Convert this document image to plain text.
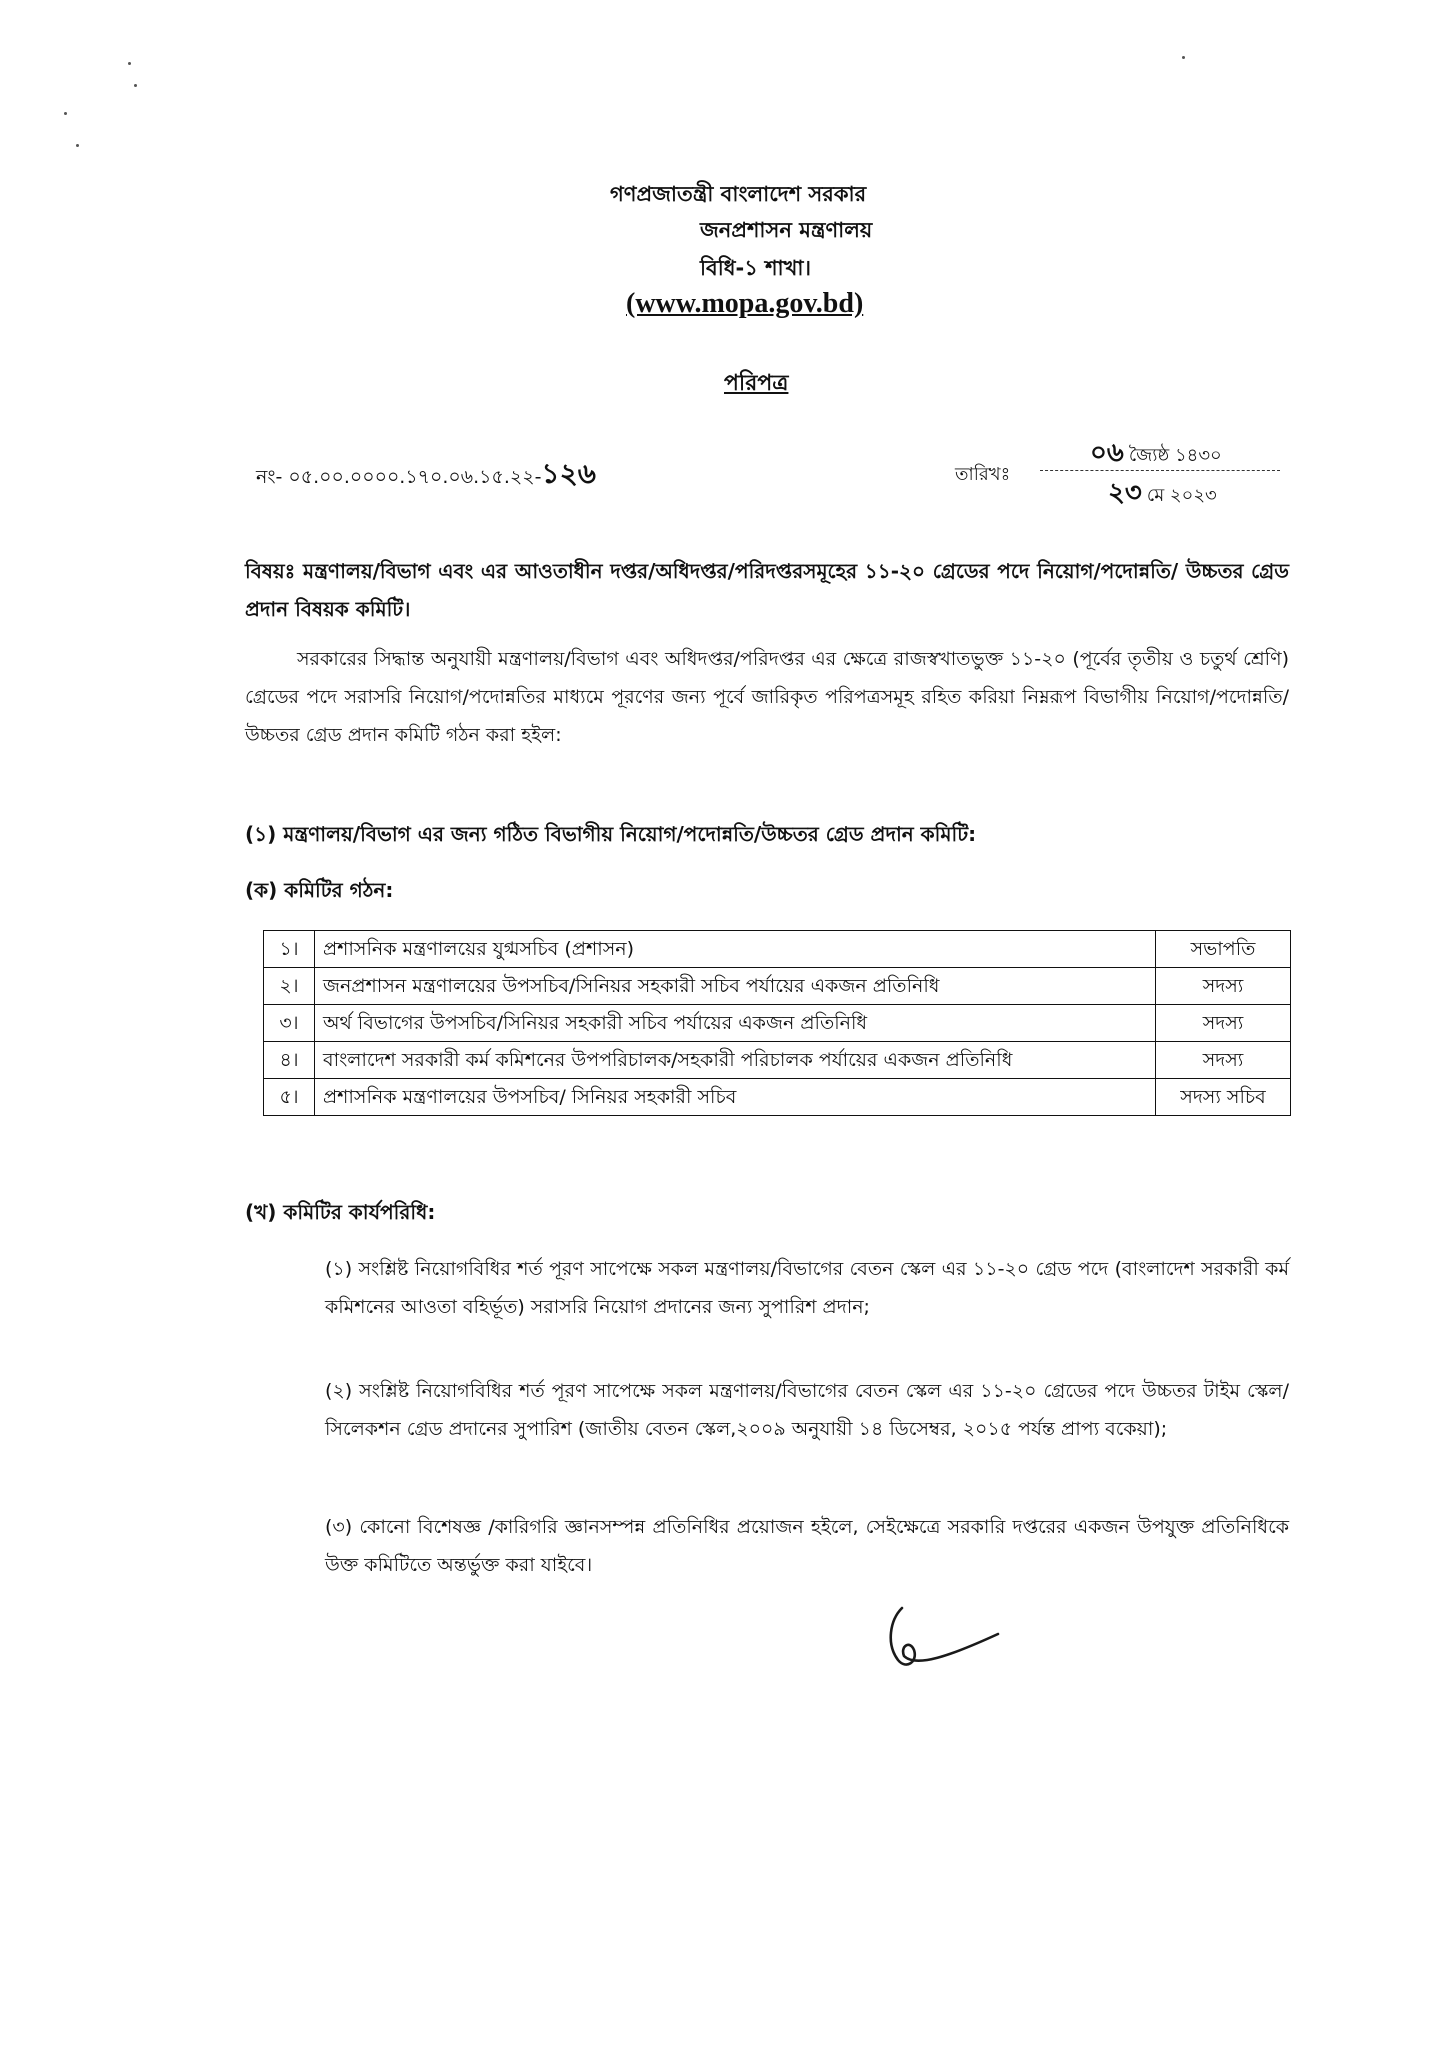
গণপ্রজাতন্ত্রী বাংলাদেশ সরকার
জনপ্রশাসন মন্ত্রণালয়
বিধি-১ শাখা।
(www.mopa.gov.bd)
পরিপত্র
নং- ০৫.০০.০০০০.১৭০.০৬.১৫.২২-১২৬	তারিখঃ
০৬ জ্যৈষ্ঠ ১৪৩০
২৩ মে ২০২৩
বিষয়ঃ মন্ত্রণালয়/বিভাগ এবং এর আওতাধীন দপ্তর/অধিদপ্তর/পরিদপ্তরসমূহের ১১-২০ গ্রেডের পদে নিয়োগ/পদোন্নতি/ উচ্চতর গ্রেড প্রদান বিষয়ক কমিটি।
সরকারের সিদ্ধান্ত অনুযায়ী মন্ত্রণালয়/বিভাগ এবং অধিদপ্তর/পরিদপ্তর এর ক্ষেত্রে রাজস্বখাতভুক্ত ১১-২০ (পূর্বের তৃতীয় ও চতুর্থ শ্রেণি) গ্রেডের পদে সরাসরি নিয়োগ/পদোন্নতির মাধ্যমে পূরণের জন্য পূর্বে জারিকৃত পরিপত্রসমূহ রহিত করিয়া নিম্নরূপ বিভাগীয় নিয়োগ/পদোন্নতি/উচ্চতর গ্রেড প্রদান কমিটি গঠন করা হইল:
(১) মন্ত্রণালয়/বিভাগ এর জন্য গঠিত বিভাগীয় নিয়োগ/পদোন্নতি/উচ্চতর গ্রেড প্রদান কমিটি:
(ক) কমিটির গঠন:
১।	প্রশাসনিক মন্ত্রণালয়ের যুগ্মসচিব (প্রশাসন)	সভাপতি
২।	জনপ্রশাসন মন্ত্রণালয়ের উপসচিব/সিনিয়র সহকারী সচিব পর্যায়ের একজন প্রতিনিধি	সদস্য
৩।	অর্থ বিভাগের উপসচিব/সিনিয়র সহকারী সচিব পর্যায়ের একজন প্রতিনিধি	সদস্য
৪।	বাংলাদেশ সরকারী কর্ম কমিশনের উপপরিচালক/সহকারী পরিচালক পর্যায়ের একজন প্রতিনিধি	সদস্য
৫।	প্রশাসনিক মন্ত্রণালয়ের উপসচিব/ সিনিয়র সহকারী সচিব	সদস্য সচিব
(খ) কমিটির কার্যপরিধি:
(১) সংশ্লিষ্ট নিয়োগবিধির শর্ত পূরণ সাপেক্ষে সকল মন্ত্রণালয়/বিভাগের বেতন স্কেল এর ১১-২০ গ্রেড পদে (বাংলাদেশ সরকারী কর্ম কমিশনের আওতা বহির্ভূত) সরাসরি নিয়োগ প্রদানের জন্য সুপারিশ প্রদান;
(২) সংশ্লিষ্ট নিয়োগবিধির শর্ত পূরণ সাপেক্ষে সকল মন্ত্রণালয়/বিভাগের বেতন স্কেল এর ১১-২০ গ্রেডের পদে উচ্চতর টাইম স্কেল/সিলেকশন গ্রেড প্রদানের সুপারিশ (জাতীয় বেতন স্কেল,২০০৯ অনুযায়ী ১৪ ডিসেম্বর, ২০১৫ পর্যন্ত প্রাপ্য বকেয়া);
(৩) কোনো বিশেষজ্ঞ /কারিগরি জ্ঞানসম্পন্ন প্রতিনিধির প্রয়োজন হইলে, সেইক্ষেত্রে সরকারি দপ্তরের একজন উপযুক্ত প্রতিনিধিকে উক্ত কমিটিতে অন্তর্ভুক্ত করা যাইবে।
